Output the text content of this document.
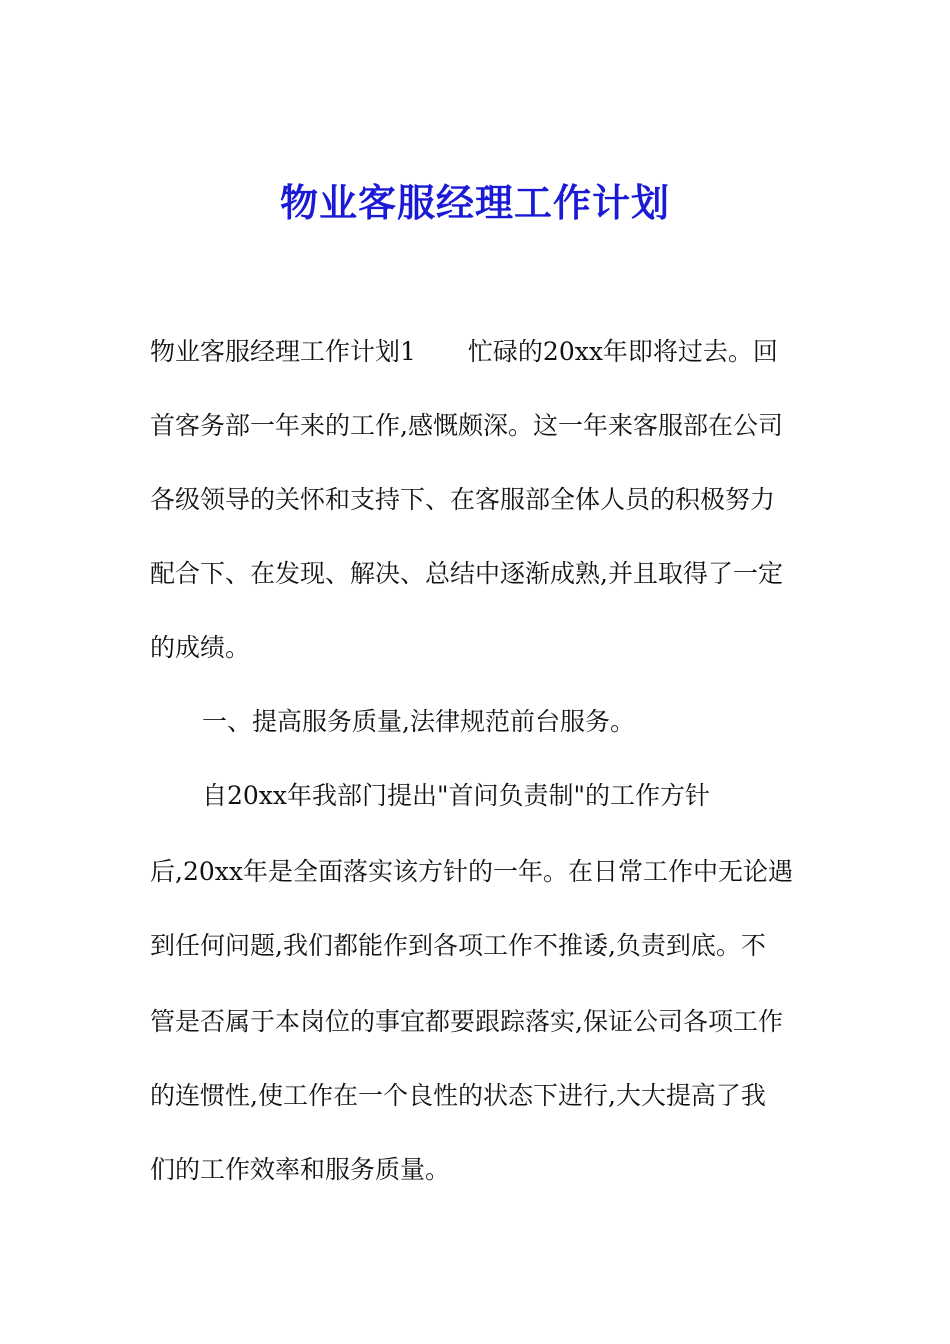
物业客服经理工作计划
物业客服经理工作计划1 忙碌的20xx年即将过去。回
首客务部一年来的工作,感慨颇深。这一年来客服部在公司
各级领导的关怀和支持下、在客服部全体人员的积极努力
配合下、在发现、解决、总结中逐渐成熟,并且取得了一定
的成绩。
一、提高服务质量,法律规范前台服务。
自20xx年我部门提出"首问负责制"的工作方针
后,20xx年是全面落实该方针的一年。在日常工作中无论遇
到任何问题,我们都能作到各项工作不推诿,负责到底。不
管是否属于本岗位的事宜都要跟踪落实,保证公司各项工作
的连惯性,使工作在一个良性的状态下进行,大大提高了我
们的工作效率和服务质量。
